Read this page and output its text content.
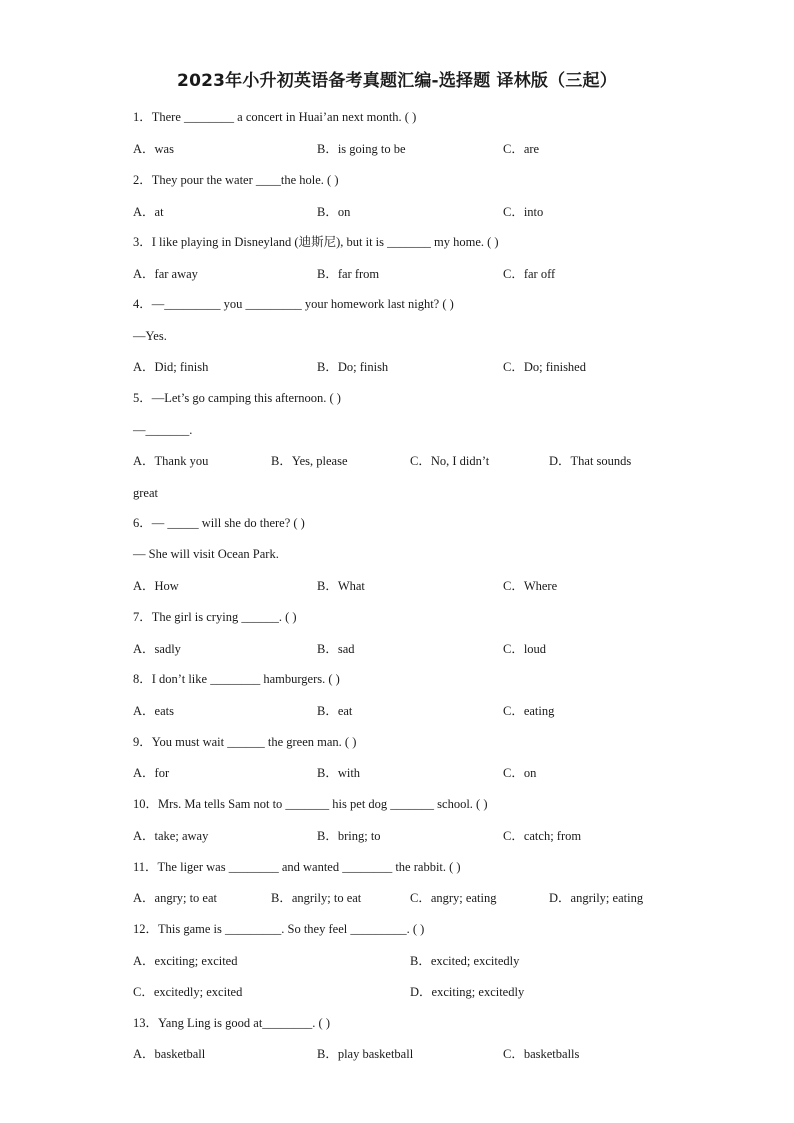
2023年小升初英语备考真题汇编-选择题 译林版（三起）
1．There ________ a concert in Huai’an next month. ( )
A．was	B．is going to be	C．are
2．They pour the water ____the hole. ( )
A．at	B．on	C．into
3．I like playing in Disneyland (迪斯尼), but it is _______ my home. ( )
A．far away	B．far from	C．far off
4．—_________ you _________ your homework last night? ( )
—Yes.
A．Did; finish	B．Do; finish	C．Do; finished
5．—Let’s go camping this afternoon. ( )
—_______.
A．Thank you	B．Yes, please	C．No, I didn’t	D．That sounds
great
6．— _____ will she do there? ( )
— She will visit Ocean Park.
A．How	B．What	C．Where
7．The girl is crying ______. ( )
A．sadly	B．sad	C．loud
8．I don’t like ________ hamburgers. ( )
A．eats	B．eat	C．eating
9．You must wait ______ the green man. ( )
A．for	B．with	C．on
10．Mrs. Ma tells Sam not to _______ his pet dog _______ school. ( )
A．take; away	B．bring; to	C．catch; from
11．The liger was ________ and wanted ________ the rabbit. ( )
A．angry; to eat	B．angrily; to eat	C．angry; eating	D．angrily; eating
12．This game is _________. So they feel _________. ( )
A．exciting; excited	B．excited; excitedly
C．excitedly; excited	D．exciting; excitedly
13．Yang Ling is good at________. ( )
A．basketball	B．play basketball	C．basketballs
